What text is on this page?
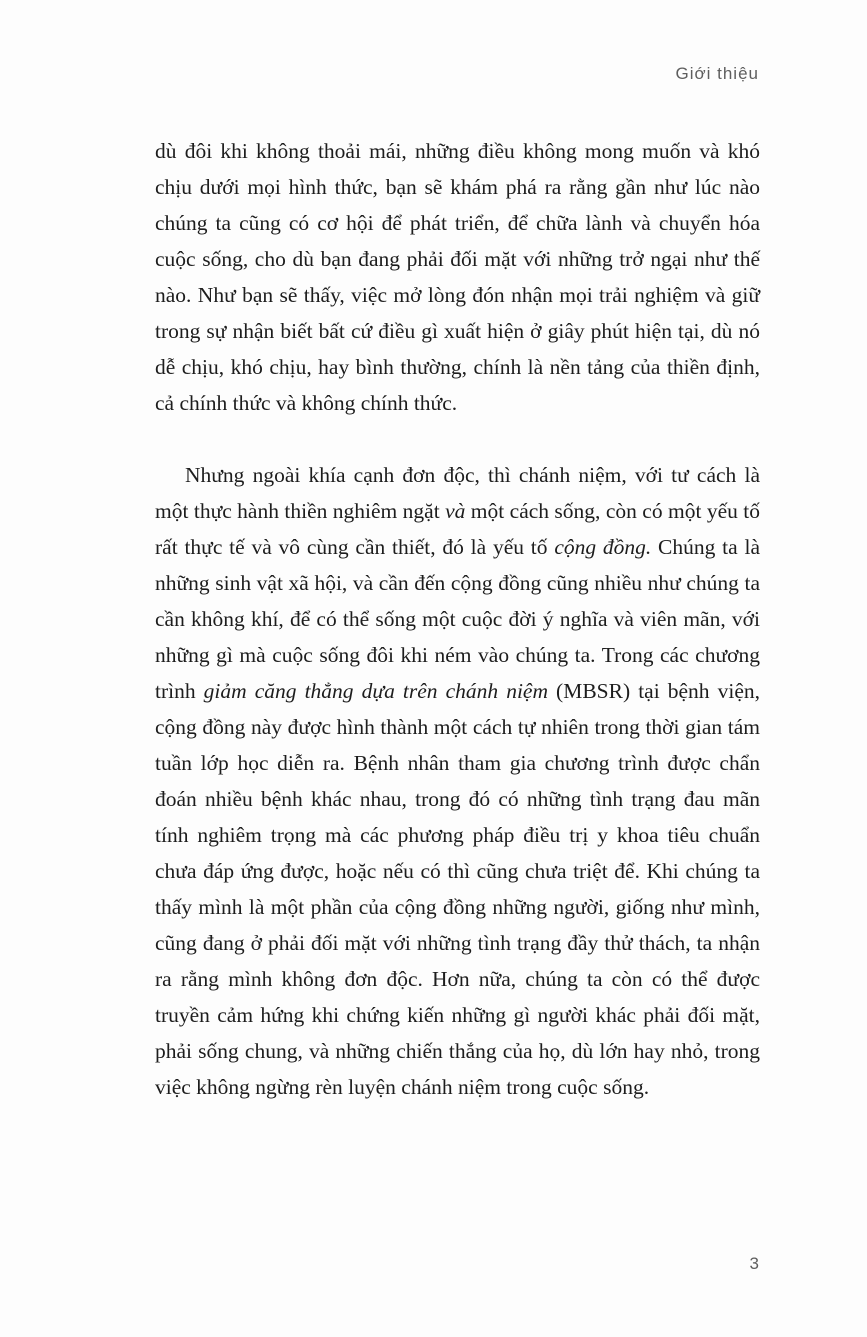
Giới thiệu

dù đôi khi không thoải mái, những điều không mong muốn và khó chịu dưới mọi hình thức, bạn sẽ khám phá ra rằng gần như lúc nào chúng ta cũng có cơ hội để phát triển, để chữa lành và chuyển hóa cuộc sống, cho dù bạn đang phải đối mặt với những trở ngại như thế nào. Như bạn sẽ thấy, việc mở lòng đón nhận mọi trải nghiệm và giữ trong sự nhận biết bất cứ điều gì xuất hiện ở giây phút hiện tại, dù nó dễ chịu, khó chịu, hay bình thường, chính là nền tảng của thiền định, cả chính thức và không chính thức.

Nhưng ngoài khía cạnh đơn độc, thì chánh niệm, với tư cách là một thực hành thiền nghiêm ngặt và một cách sống, còn có một yếu tố rất thực tế và vô cùng cần thiết, đó là yếu tố cộng đồng. Chúng ta là những sinh vật xã hội, và cần đến cộng đồng cũng nhiều như chúng ta cần không khí, để có thể sống một cuộc đời ý nghĩa và viên mãn, với những gì mà cuộc sống đôi khi ném vào chúng ta. Trong các chương trình giảm căng thẳng dựa trên chánh niệm (MBSR) tại bệnh viện, cộng đồng này được hình thành một cách tự nhiên trong thời gian tám tuần lớp học diễn ra. Bệnh nhân tham gia chương trình được chẩn đoán nhiều bệnh khác nhau, trong đó có những tình trạng đau mãn tính nghiêm trọng mà các phương pháp điều trị y khoa tiêu chuẩn chưa đáp ứng được, hoặc nếu có thì cũng chưa triệt để. Khi chúng ta thấy mình là một phần của cộng đồng những người, giống như mình, cũng đang ở phải đối mặt với những tình trạng đầy thử thách, ta nhận ra rằng mình không đơn độc. Hơn nữa, chúng ta còn có thể được truyền cảm hứng khi chứng kiến những gì người khác phải đối mặt, phải sống chung, và những chiến thắng của họ, dù lớn hay nhỏ, trong việc không ngừng rèn luyện chánh niệm trong cuộc sống.

3
